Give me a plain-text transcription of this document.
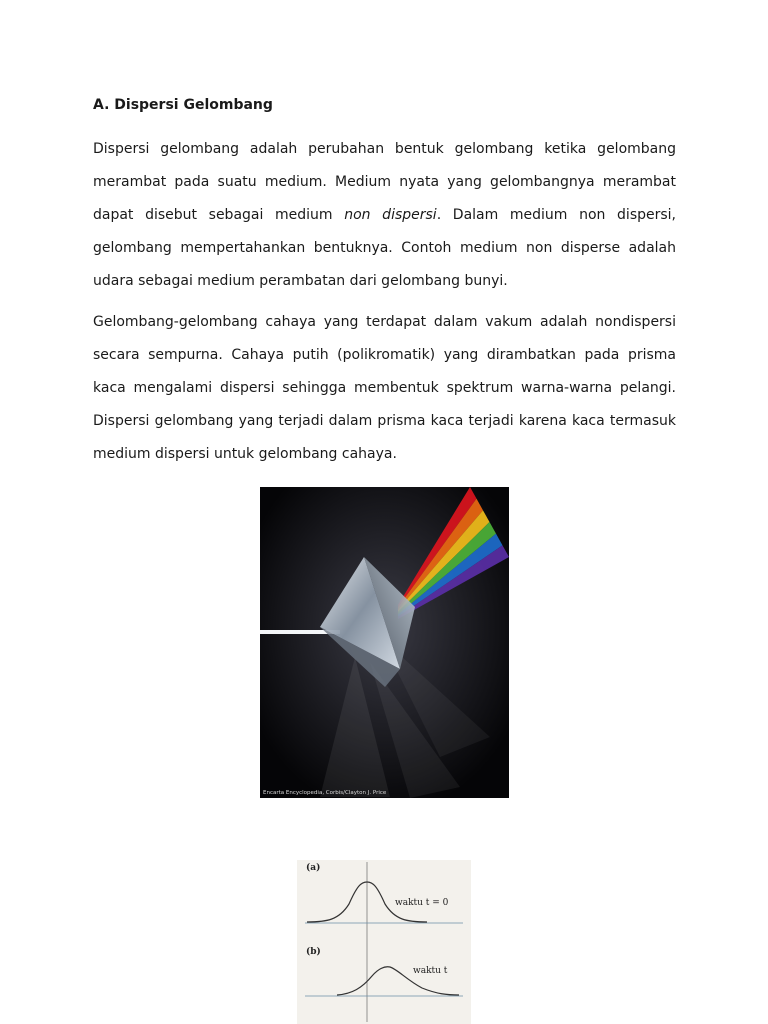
A. Dispersi Gelombang

Dispersi gelombang adalah perubahan bentuk gelombang ketika gelombang merambat pada suatu medium. Medium nyata yang gelombangnya merambat dapat disebut sebagai medium non dispersi. Dalam medium non dispersi, gelombang mempertahankan bentuknya. Contoh medium non disperse adalah udara sebagai medium perambatan dari gelombang bunyi.

Gelombang-gelombang cahaya yang terdapat dalam vakum adalah nondispersi secara sempurna. Cahaya putih (polikromatik) yang dirambatkan pada prisma kaca mengalami dispersi sehingga membentuk spektrum warna-warna pelangi. Dispersi gelombang yang terjadi dalam prisma kaca terjadi karena kaca termasuk medium dispersi untuk gelombang cahaya.

Encarta Encyclopedia, Corbis/Clayton J. Price
(a)
waktu t = 0
(b)
waktu t
